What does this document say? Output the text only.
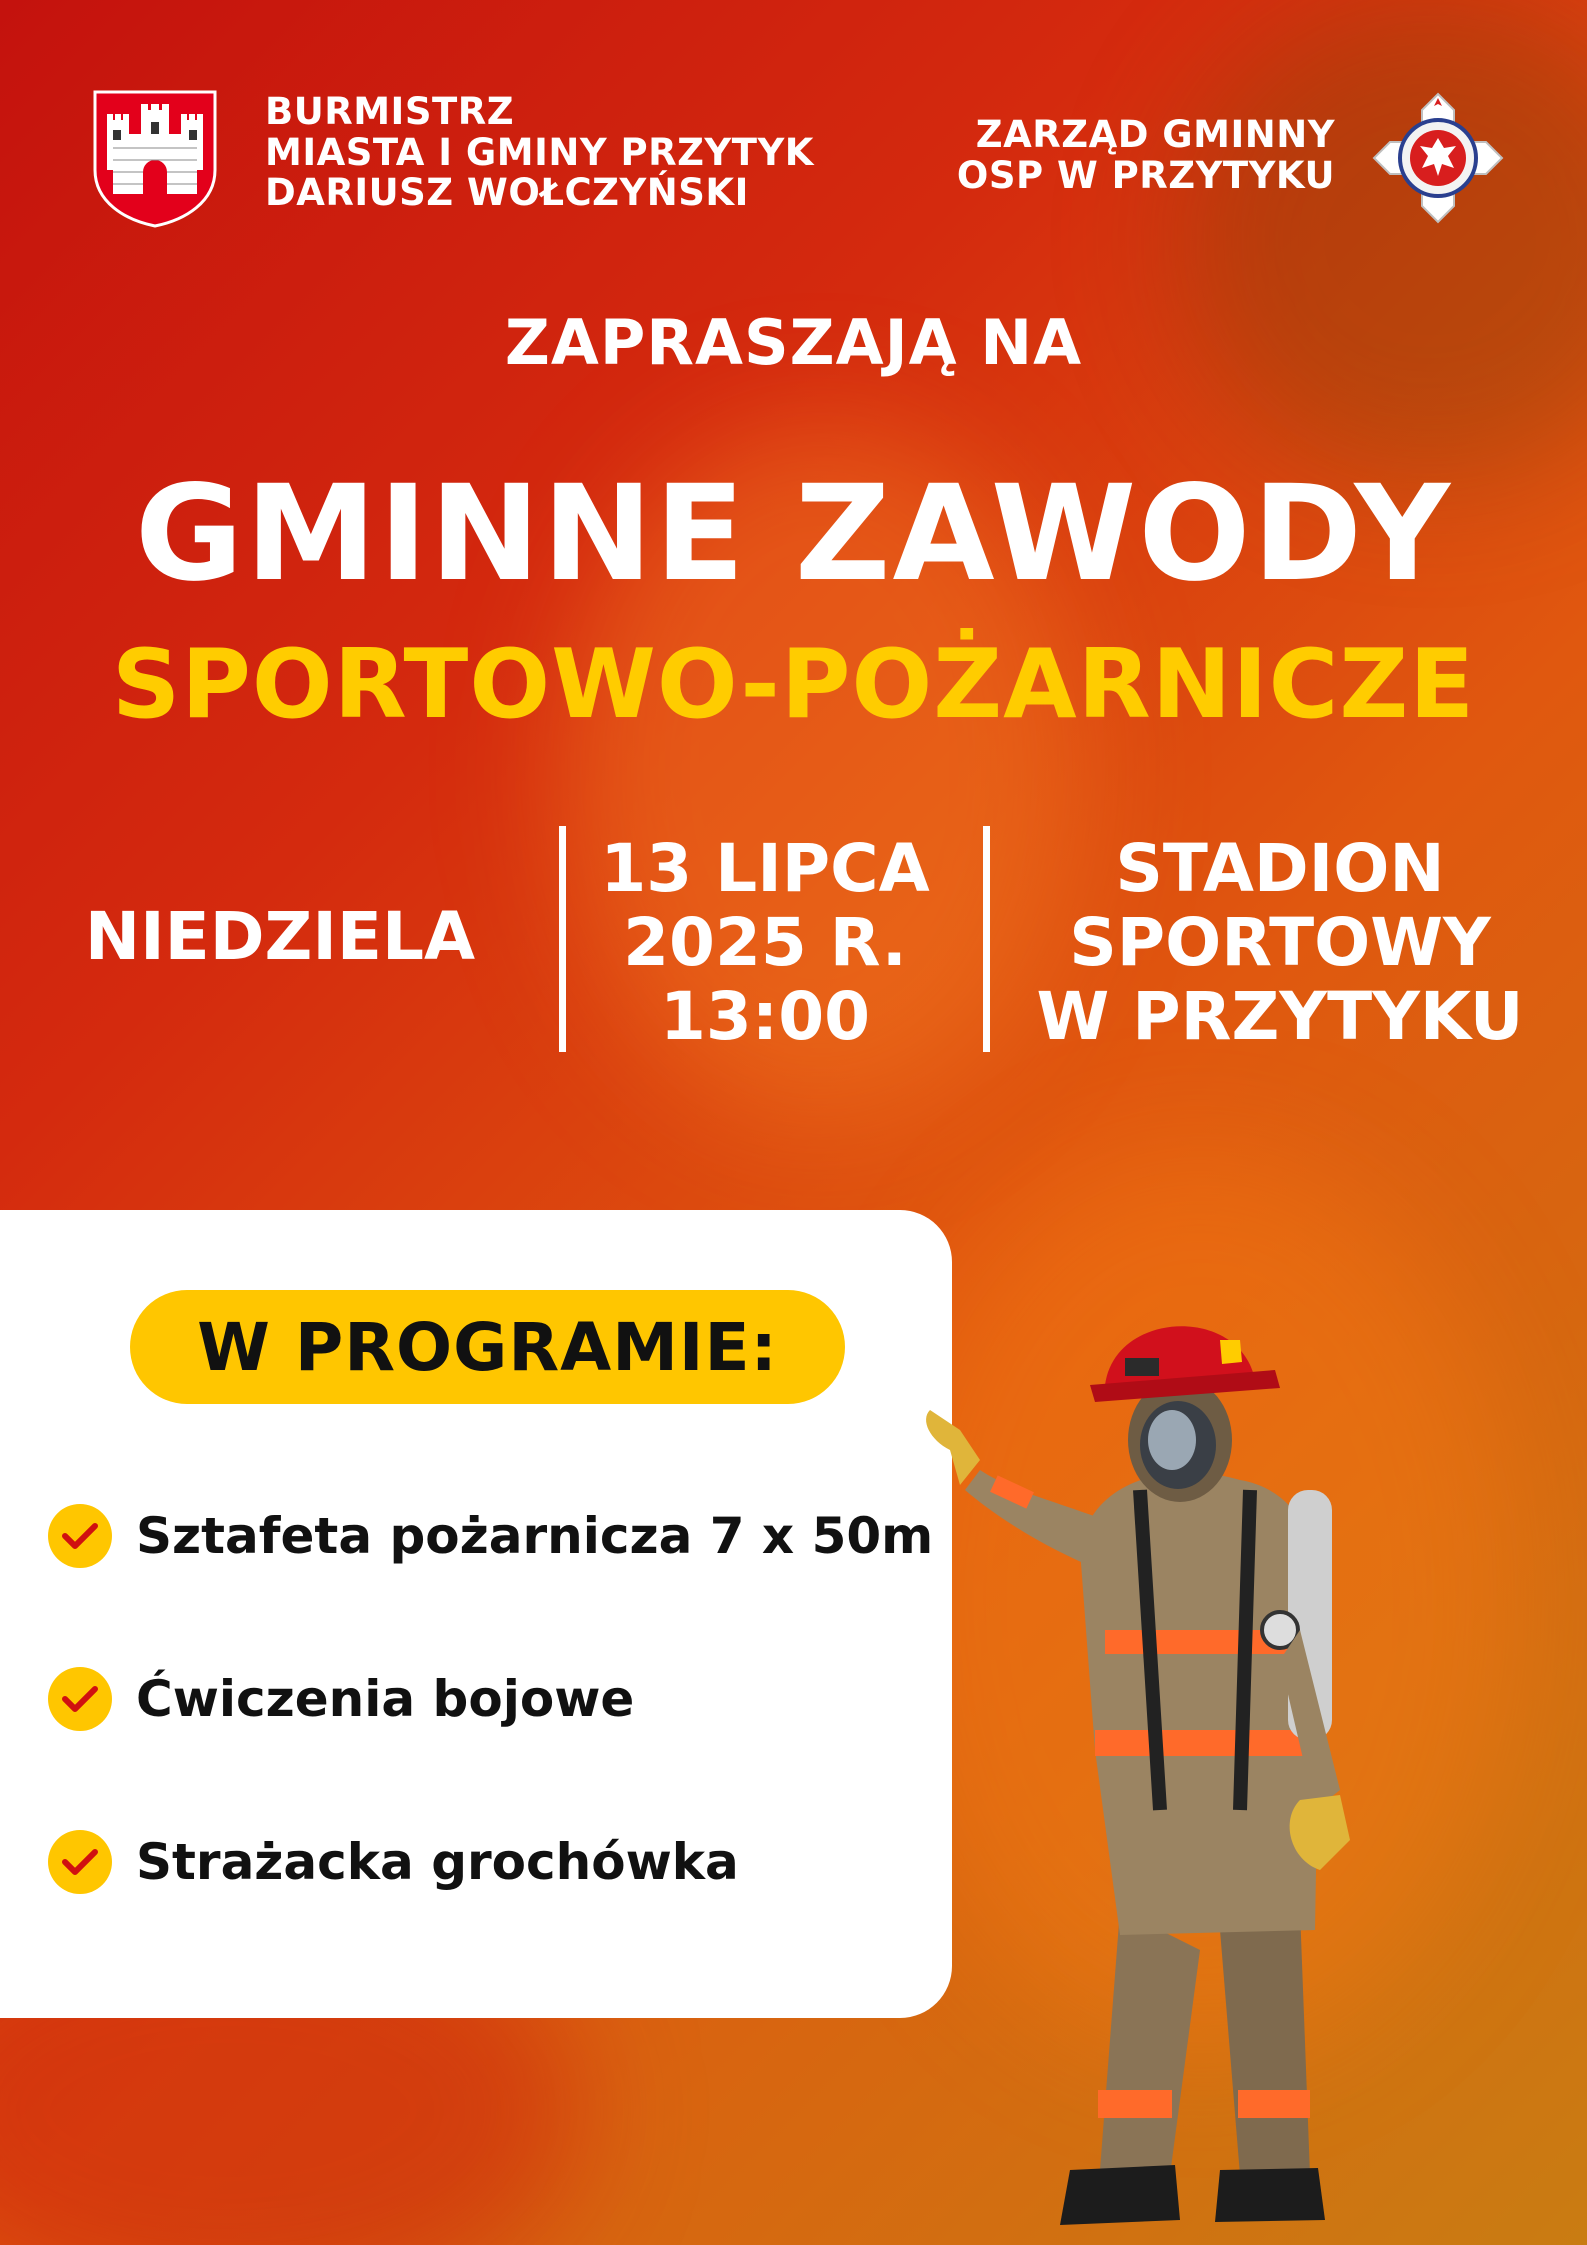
BURMISTRZ
MIASTA I GMINY PRZYTYK
DARIUSZ WOŁCZYŃSKI
ZARZĄD GMINNY
OSP W PRZYTYKU
ZAPRASZAJĄ NA
GMINNE ZAWODY
SPORTOWO-POŻARNICZE
NIEDZIELA
13 LIPCA
2025 R.
13:00
STADION
SPORTOWY
W PRZYTYKU
W PROGRAMIE:
Sztafeta pożarnicza 7 x 50m
Ćwiczenia bojowe
Strażacka grochówka
